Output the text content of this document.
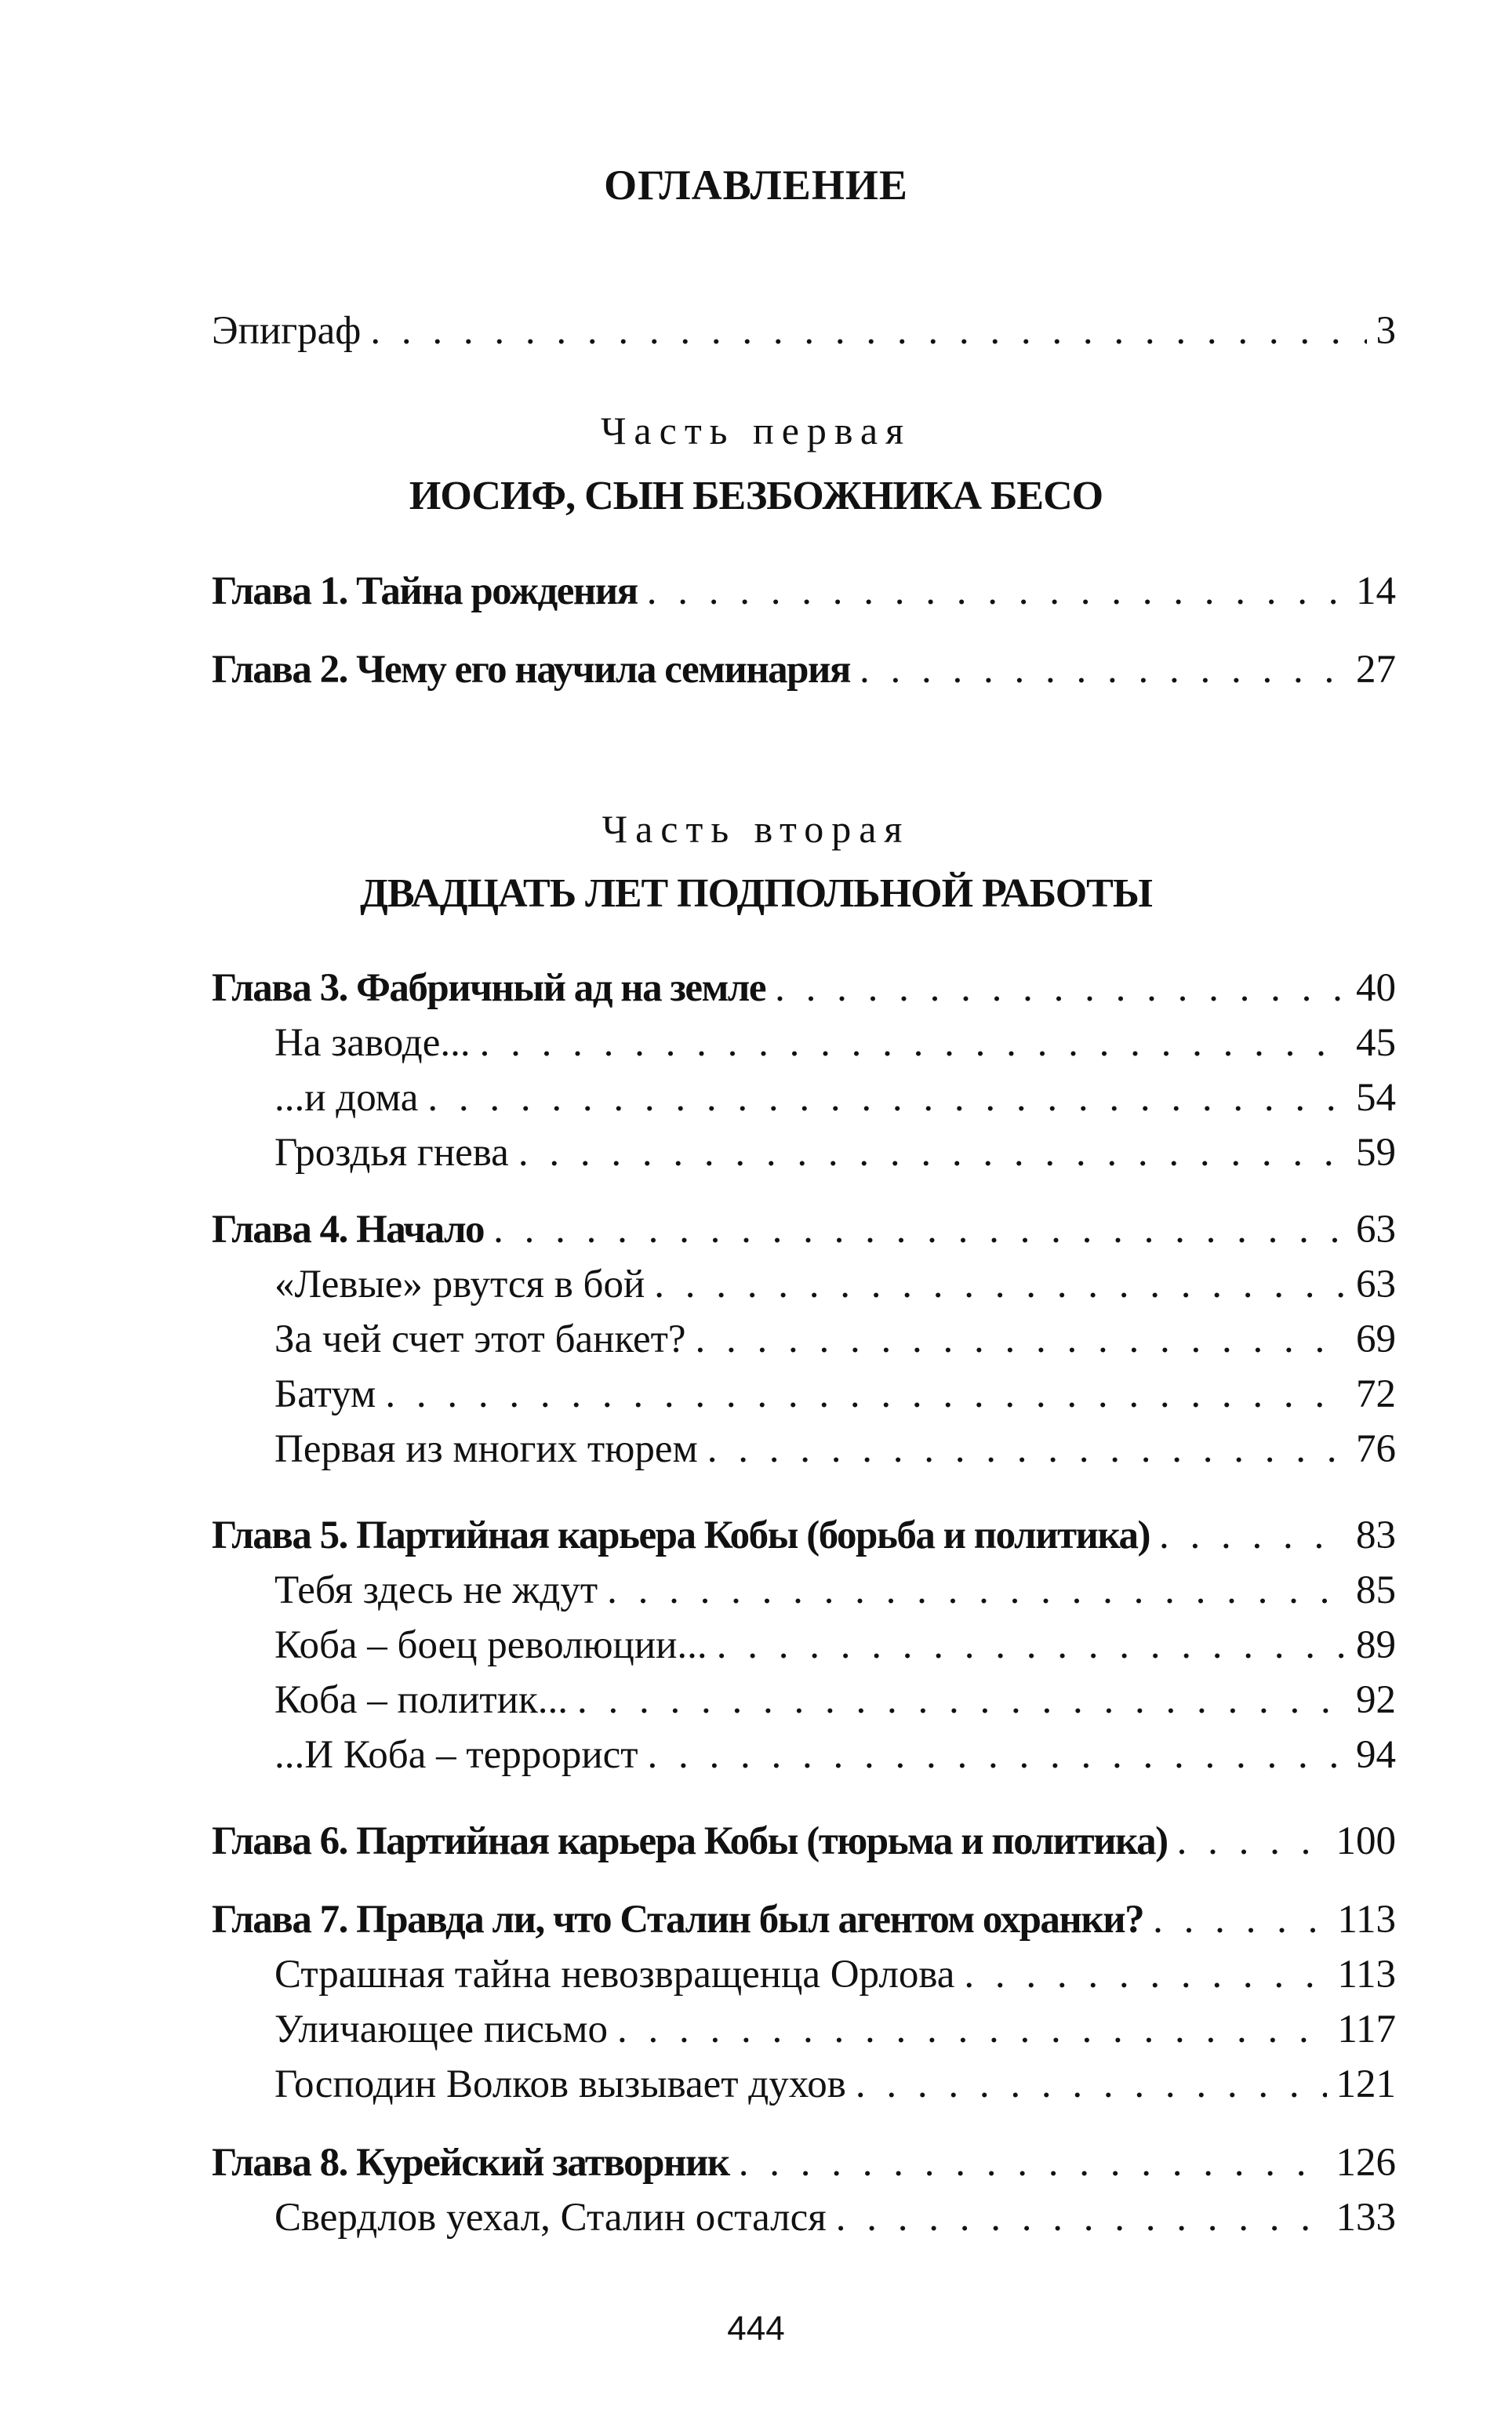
ОГЛАВЛЕНИЕ
Эпиграф . . .	3
Часть первая
ИОСИФ, СЫН БЕЗБОЖНИКА БЕСО
Глава 1. Тайна рождения . . .	14
Глава 2. Чему его научила семинария . . .	27
Часть вторая
ДВАДЦАТЬ ЛЕТ ПОДПОЛЬНОЙ РАБОТЫ
Глава 3. Фабричный ад на земле . . .	40
На заводе... . . .	45
...и дома . . .	54
Гроздья гнева . . .	59
Глава 4. Начало . . .	63
«Левые» рвутся в бой . . .	63
За чей счет этот банкет? . . .	69
Батум . . .	72
Первая из многих тюрем . . .	76
Глава 5. Партийная карьера Кобы (борьба и политика) . . .	83
Тебя здесь не ждут . . .	85
Коба – боец революции... . . .	89
Коба – политик... . . .	92
...И Коба – террорист . . .	94
Глава 6. Партийная карьера Кобы (тюрьма и политика) . . .	100
Глава 7. Правда ли, что Сталин был агентом охранки? . . .	113
Страшная тайна невозвращенца Орлова . . .	113
Уличающее письмо . . .	117
Господин Волков вызывает духов . . .	121
Глава 8. Курейский затворник . . .	126
Свердлов уехал, Сталин остался . . .	133
444
